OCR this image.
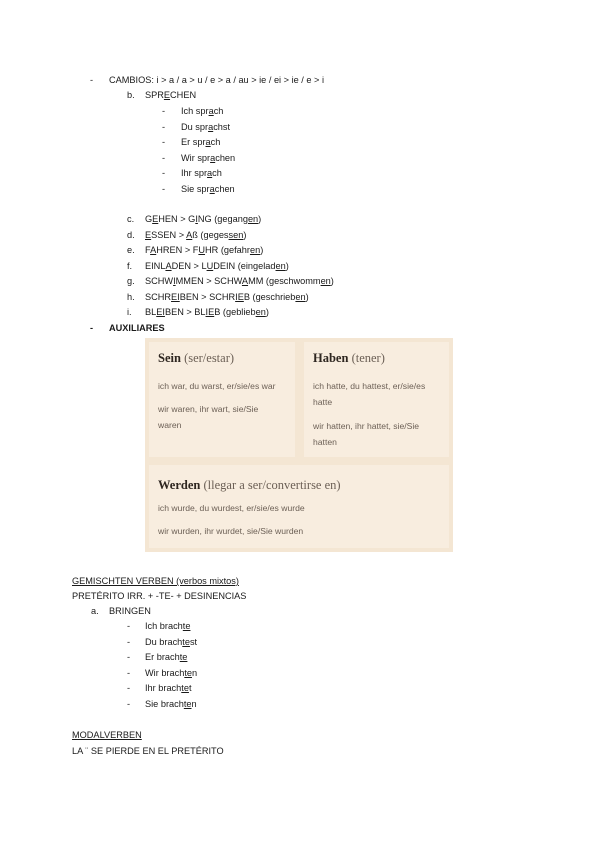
- CAMBIOS: i > a / a > u / e > a / au > ie / ei > ie / e > i
b. SPRECHEN
- Ich sprach
- Du sprachst
- Er sprach
- Wir sprachen
- Ihr sprach
- Sie sprachen
c. GEHEN > GING (gegangen)
d. ESSEN > Aß (gegessen)
e. FAHREN > FUHR (gefahren)
f. EINLADEN > LUDEIN (eingeladen)
g. SCHWIMMEN > SCHWAMM (geschwommen)
h. SCHREIBEN > SCHRIEB (geschrieben)
i. BLEIBEN > BLIEB (geblieben)
- AUXILIARES
Sein (ser/estar)
ich war, du warst, er/sie/es war
wir waren, ihr wart, sie/Sie
waren
Haben (tener)
ich hatte, du hattest, er/sie/es
hatte
wir hatten, ihr hattet, sie/Sie
hatten
Werden (llegar a ser/convertirse en)
ich wurde, du wurdest, er/sie/es wurde
wir wurden, ihr wurdet, sie/Sie wurden
GEMISCHTEN VERBEN (verbos mixtos)
PRETÉRITO IRR. + -TE- + DESINENCIAS
a. BRINGEN
- Ich brachte
- Du brachtest
- Er brachte
- Wir brachten
- Ihr brachtet
- Sie brachten
MODALVERBEN
LA ¨ SE PIERDE EN EL PRETÉRITO
